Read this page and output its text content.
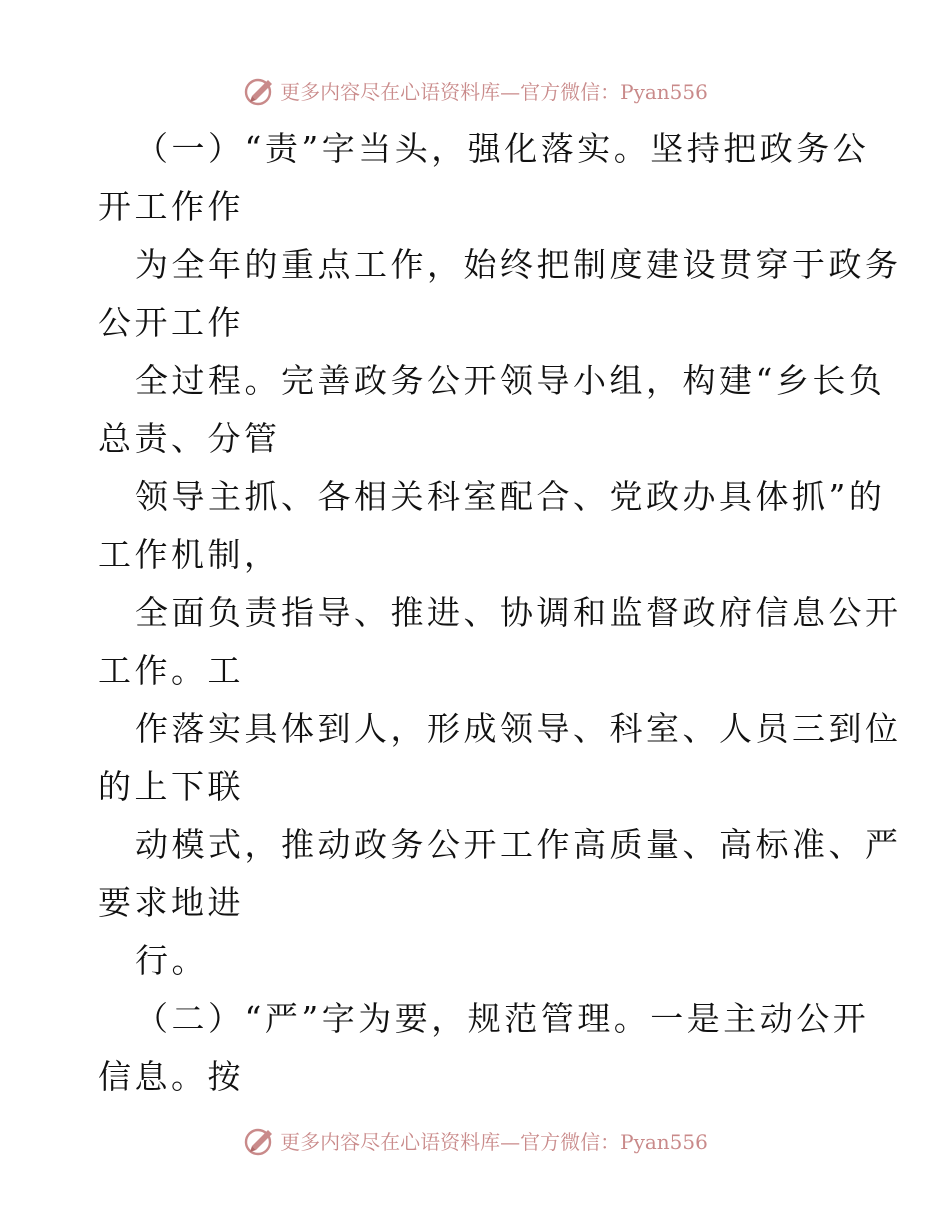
更多内容尽在心语资料库—官方微信：Pyan556
（一）“责”字当头，强化落实。坚持把政务公
开工作作
为全年的重点工作，始终把制度建设贯穿于政务
公开工作
全过程。完善政务公开领导小组，构建“乡长负
总责、分管
领导主抓、各相关科室配合、党政办具体抓”的
工作机制，
全面负责指导、推进、协调和监督政府信息公开
工作。工
作落实具体到人，形成领导、科室、人员三到位
的上下联
动模式，推动政务公开工作高质量、高标准、严
要求地进
行。
（二）“严”字为要，规范管理。一是主动公开
信息。按
更多内容尽在心语资料库—官方微信：Pyan556
